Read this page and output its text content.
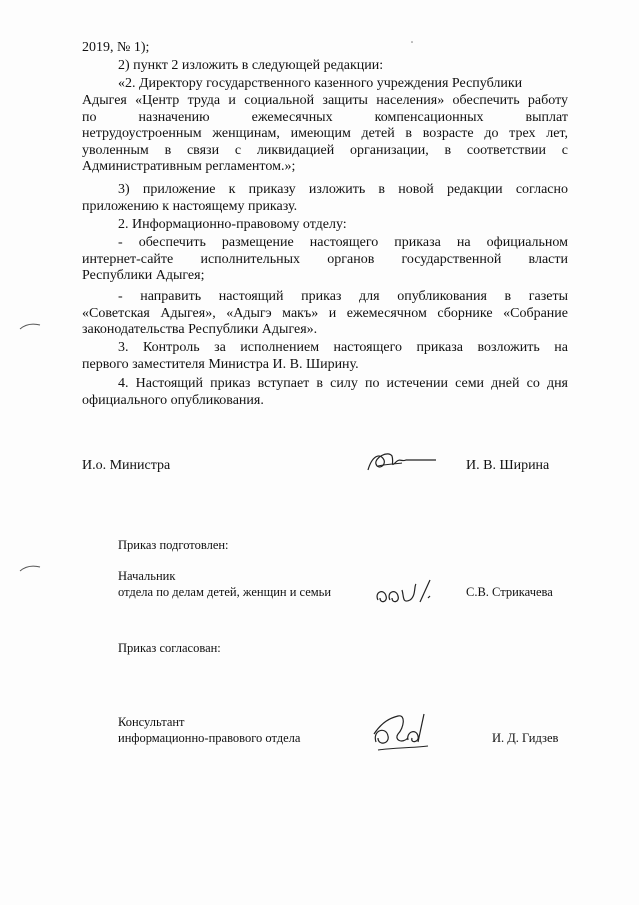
2019, № 1);

2) пункт 2 изложить в следующей редакции:

«2. Директору государственного казенного учреждения Республики
Адыгея «Центр труда и социальной защиты населения» обеспечить работу
по назначению ежемесячных компенсационных выплат
нетрудоустроенным женщинам, имеющим детей в возрасте до трех лет,
уволенным в связи с ликвидацией организации, в соответствии с
Административным регламентом.»;
3) приложение к приказу изложить в новой редакции согласно
приложению к настоящему приказу.

2. Информационно-правовому отделу:

- обеспечить размещение настоящего приказа на официальном
интернет-сайте исполнительных органов государственной власти
Республики Адыгея;
- направить настоящий приказ для опубликования в газеты
«Советская Адыгея», «Адыгэ макъ» и ежемесячном сборнике «Собрание
законодательства Республики Адыгея».
3. Контроль за исполнением настоящего приказа возложить на
первого заместителя Министра И. В. Ширину.
4. Настоящий приказ вступает в силу по истечении семи дней со дня
официального опубликования.
И.о. Министра	И. В. Ширина
Приказ подготовлен:
Начальник
отдела по делам детей, женщин и семьи	С.В. Стрикачева
Приказ согласован:
Консультант
информационно-правового отдела	И. Д. Гидзев
